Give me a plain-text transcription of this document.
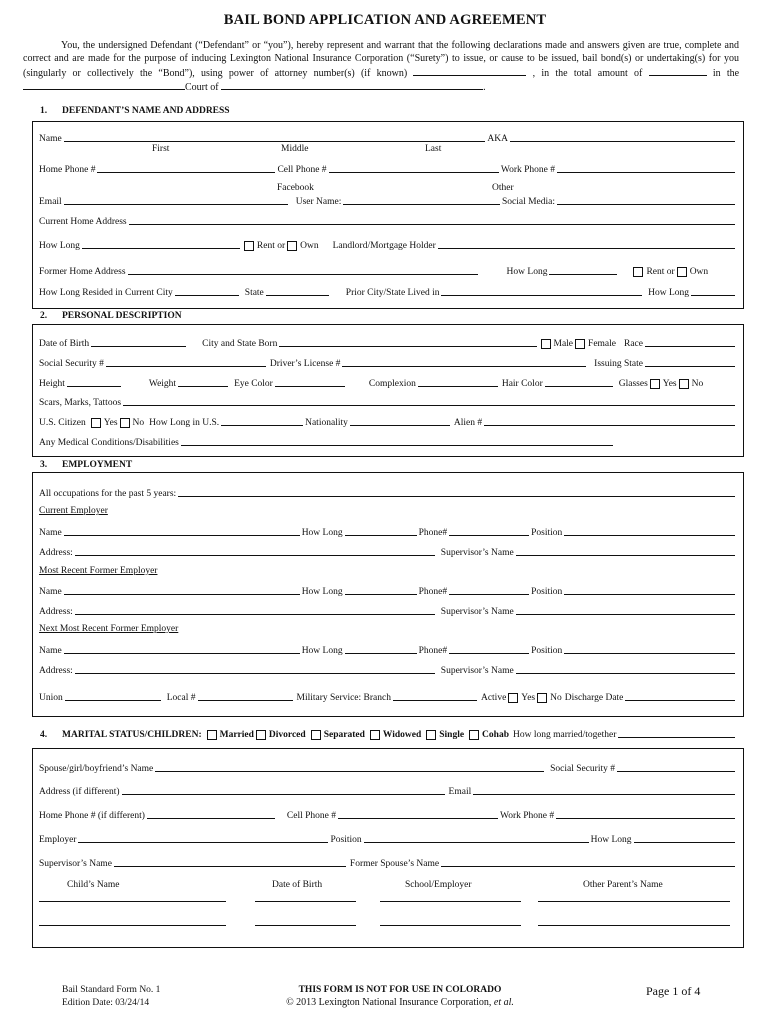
BAIL BOND APPLICATION AND AGREEMENT
You, the undersigned Defendant (“Defendant” or “you”), hereby represent and warrant that the following declarations made and answers given are true, complete and correct and are made for the purpose of inducing Lexington National Insurance Corporation (“Surety”) to issue, or cause to be issued, bail bond(s) or undertaking(s) for you (singularly or collectively the “Bond”), using power of attorney number(s) (if known)	, in the total amount of	in the Court of	.
1. DEFENDANT’S NAME AND ADDRESS
Name	AKA
First	Middle	Last
Home Phone #	Cell Phone #	Work Phone #
Facebook	Other
Email	User Name:	Social Media:
Current Home Address
How Long	Rent or Own Landlord/Mortgage Holder
Former Home Address	How Long	Rent or Own
How Long Resided in Current City	State	Prior City/State Lived in	How Long
2. PERSONAL DESCRIPTION
Date of Birth	City and State Born	Male Female Race
Social Security #	Driver’s License #	Issuing State
Height	Weight	Eye Color	Complexion	Hair Color	Glasses Yes No
Scars, Marks, Tattoos
U.S. Citizen Yes No How Long in U.S.	Nationality	Alien #
Any Medical Conditions/Disabilities
3. EMPLOYMENT
All occupations for the past 5 years:
Current Employer
Name	How Long	Phone#	Position
Address:	Supervisor’s Name
Most Recent Former Employer
Name	How Long	Phone#	Position
Address:	Supervisor’s Name
Next Most Recent Former Employer
Name	How Long	Phone#	Position
Address:	Supervisor’s Name
Union	Local #	Military Service: Branch	Active Yes No Discharge Date
4.	MARITAL STATUS/CHILDREN: Married Divorced Separated Widowed Single Cohab How long married/together
Spouse/girl/boyfriend’s Name	Social Security #
Address (if different)	Email
Home Phone # (if different)	Cell Phone #	Work Phone #
Employer	Position	How Long
Supervisor’s Name	Former Spouse’s Name
Child’s Name	Date of Birth	School/Employer	Other Parent’s Name
Bail Standard Form No. 1
Edition Date: 03/24/14
THIS FORM IS NOT FOR USE IN COLORADO
© 2013 Lexington National Insurance Corporation, et al.
Page 1 of 4
